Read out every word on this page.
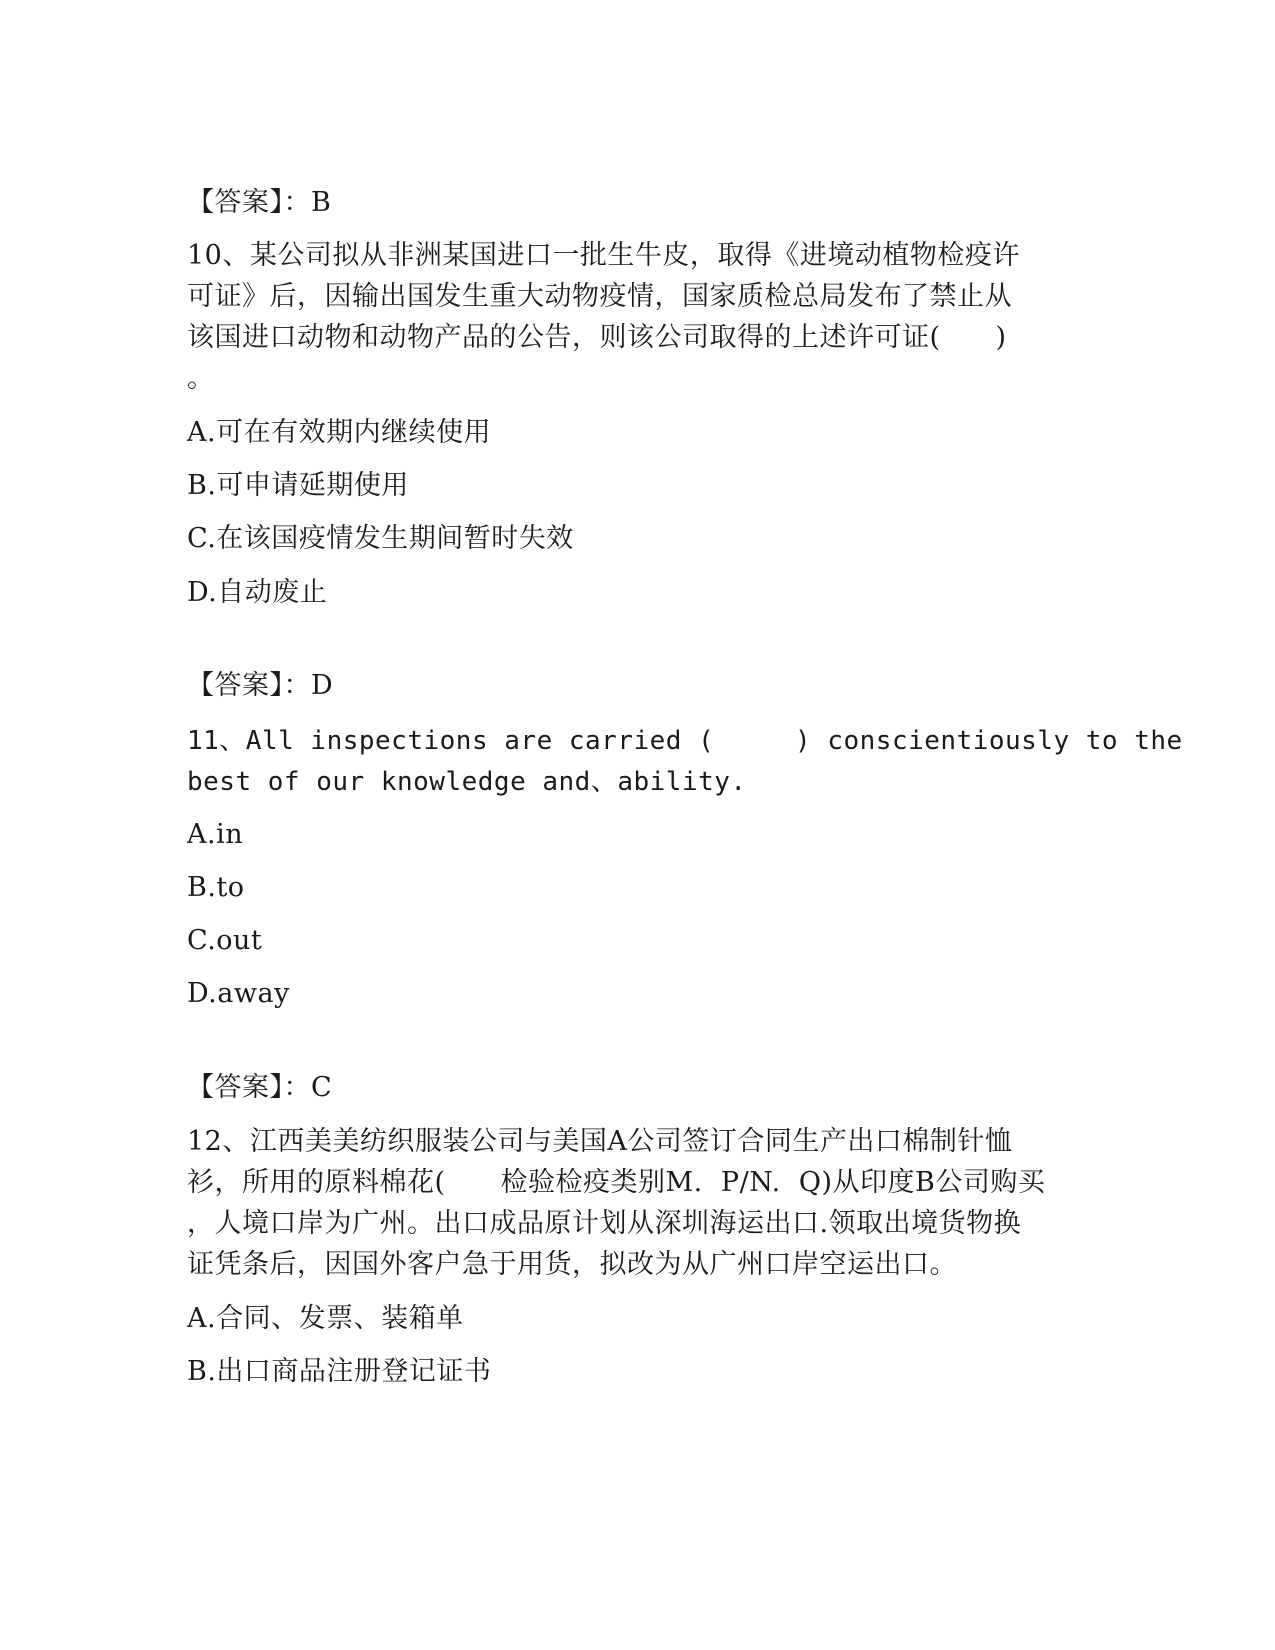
【答案】：B
10、某公司拟从非洲某国进口一批生牛皮，取得《进境动植物检疫许
可证》后，因输出国发生重大动物疫情，国家质检总局发布了禁止从
该国进口动物和动物产品的公告，则该公司取得的上述许可证(　　)
。
A.可在有效期内继续使用
B.可申请延期使用
C.在该国疫情发生期间暂时失效
D.自动废止
【答案】：D
11、All inspections are carried (     ) conscientiously to the
best of our knowledge and、ability.
A.in
B.to
C.out
D.away
【答案】：C
12、江西美美纺织服装公司与美国A公司签订合同生产出口棉制针恤
衫，所用的原料棉花(　　检验检疫类别M.  P/N.  Q)从印度B公司购买
，人境口岸为广州。出口成品原计划从深圳海运出口.领取出境货物换
证凭条后，因国外客户急于用货，拟改为从广州口岸空运出口。
A.合同、发票、装箱单
B.出口商品注册登记证书
